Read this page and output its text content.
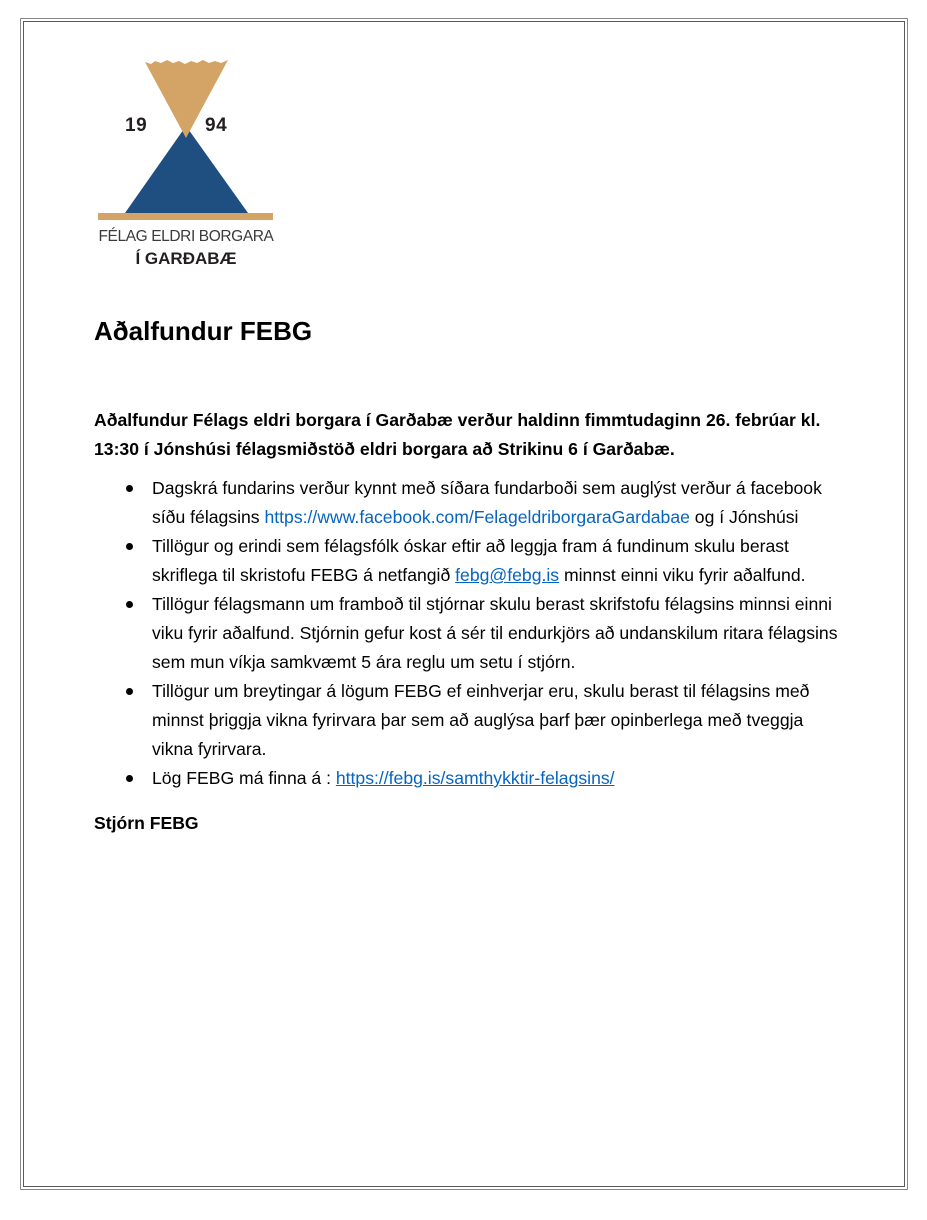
19	94
FÉLAG ELDRI BORGARA
Í GARÐABÆ
Aðalfundur FEBG

Aðalfundur Félags eldri borgara í Garðabæ verður haldinn fimmtudaginn 26. febrúar kl. 13:30 í Jónshúsi félagsmiðstöð eldri borgara að Strikinu 6 í Garðabæ.

Dagskrá fundarins verður kynnt með síðara fundarboði sem auglýst verður á facebook síðu félagsins https://www.facebook.com/FelageldriborgaraGardabae og í Jónshúsi
Tillögur og erindi sem félagsfólk óskar eftir að leggja fram á fundinum skulu berast skriflega til skristofu FEBG á netfangið febg@febg.is minnst einni viku fyrir aðalfund.
Tillögur félagsmann um framboð til stjórnar skulu berast skrifstofu félagsins minnsi einni viku fyrir aðalfund. Stjórnin gefur kost á sér til endurkjörs að undanskilum ritara félagsins sem mun víkja samkvæmt 5 ára reglu um setu í stjórn.
Tillögur um breytingar á lögum FEBG ef einhverjar eru, skulu berast til félagsins með minnst þriggja vikna fyrirvara þar sem að auglýsa þarf þær opinberlega með tveggja vikna fyrirvara.
Lög FEBG má finna á : https://febg.is/samthykktir-felagsins/

Stjórn FEBG
